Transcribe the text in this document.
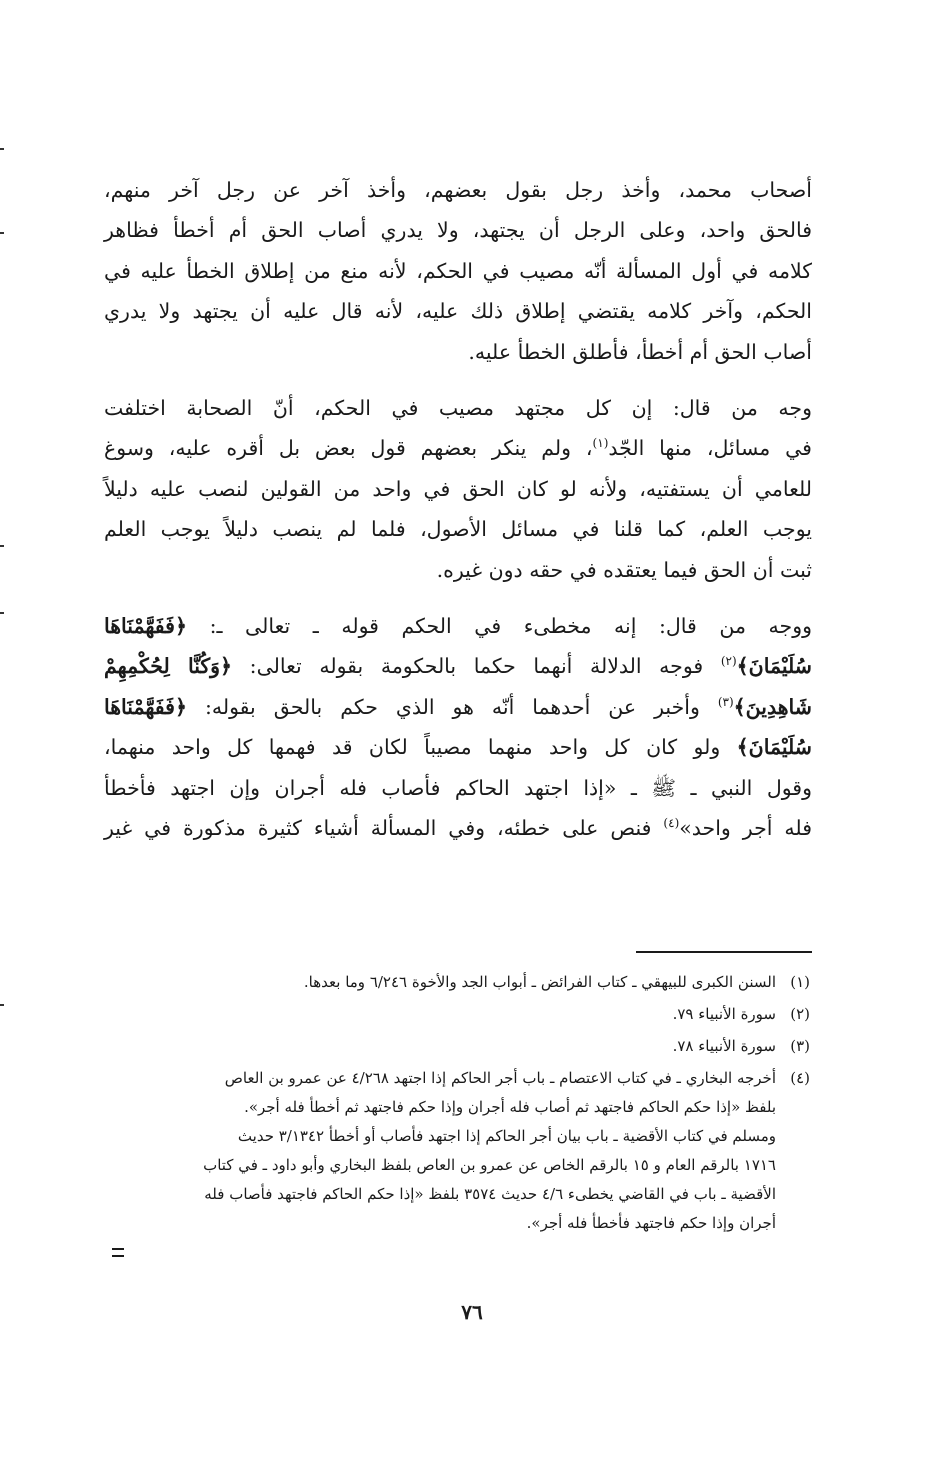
أصحاب محمد، وأخذ رجل بقول بعضهم، وأخذ آخر عن رجل آخر منهم،
فالحق واحد، وعلى الرجل أن يجتهد، ولا يدري أصاب الحق أم أخطأ فظاهر
كلامه في أول المسألة أنّه مصيب في الحكم، لأنه منع من إطلاق الخطأ عليه في
الحكم، وآخر كلامه يقتضي إطلاق ذلك عليه، لأنه قال عليه أن يجتهد ولا يدري
أصاب الحق أم أخطأ، فأطلق الخطأ عليه.
وجه من قال: إن كل مجتهد مصيب في الحكم، أنّ الصحابة اختلفت
في مسائل، منها الجّد$^{(١)}$، ولم ينكر بعضهم قول بعض بل أقره عليه، وسوغ
للعامي أن يستفتيه، ولأنه لو كان الحق في واحد من القولين لنصب عليه دليلاً
يوجب العلم، كما قلنا في مسائل الأصول، فلما لم ينصب دليلاً يوجب العلم
ثبت أن الحق فيما يعتقده في حقه دون غيره.
ووجه من قال: إنه مخطىء في الحكم قوله ـ تعالى ـ: ﴿فَفَهَّمْنَاهَا
سُلَيْمَانَ﴾$^{(٢)}$ فوجه الدلالة أنهما حكما بالحكومة بقوله تعالى: ﴿وَكُنَّا لِحُكْمِهِمْ
شَاهِدِينَ﴾$^{(٣)}$ وأخبر عن أحدهما أنّه هو الذي حكم بالحق بقوله: ﴿فَفَهَّمْنَاهَا
سُلَيْمَانَ﴾ ولو كان كل واحد منهما مصيباً لكان قد فهمها كل واحد منهما،
وقول النبي ـ ﷺ ـ «إذا اجتهد الحاكم فأصاب فله أجران وإن اجتهد فأخطأ
فله أجر واحد»$^{(٤)}$ فنص على خطئه، وفي المسألة أشياء كثيرة مذكورة في غير
(١)
السنن الكبرى للبيهقي ـ كتاب الفرائض ـ أبواب الجد والأخوة ٦/٢٤٦ وما بعدها.
(٢)
سورة الأنبياء ٧٩.
(٣)
سورة الأنبياء ٧٨.
(٤)
أخرجه البخاري ـ في كتاب الاعتصام ـ باب أجر الحاكم إذا اجتهد ٤/٢٦٨ عن عمرو بن العاص
بلفظ «إذا حكم الحاكم فاجتهد ثم أصاب فله أجران وإذا حكم فاجتهد ثم أخطأ فله أجر».
ومسلم في كتاب الأقضية ـ باب بيان أجر الحاكم إذا اجتهد فأصاب أو أخطأ ٣/١٣٤٢ حديث
١٧١٦ بالرقم العام و ١٥ بالرقم الخاص عن عمرو بن العاص بلفظ البخاري وأبو داود ـ في كتاب
الأقضية ـ باب في القاضي يخطىء ٤/٦ حديث ٣٥٧٤ بلفظ «إذا حكم الحاكم فاجتهد فأصاب فله
أجران وإذا حكم فاجتهد فأخطأ فله أجر».
٧٦
